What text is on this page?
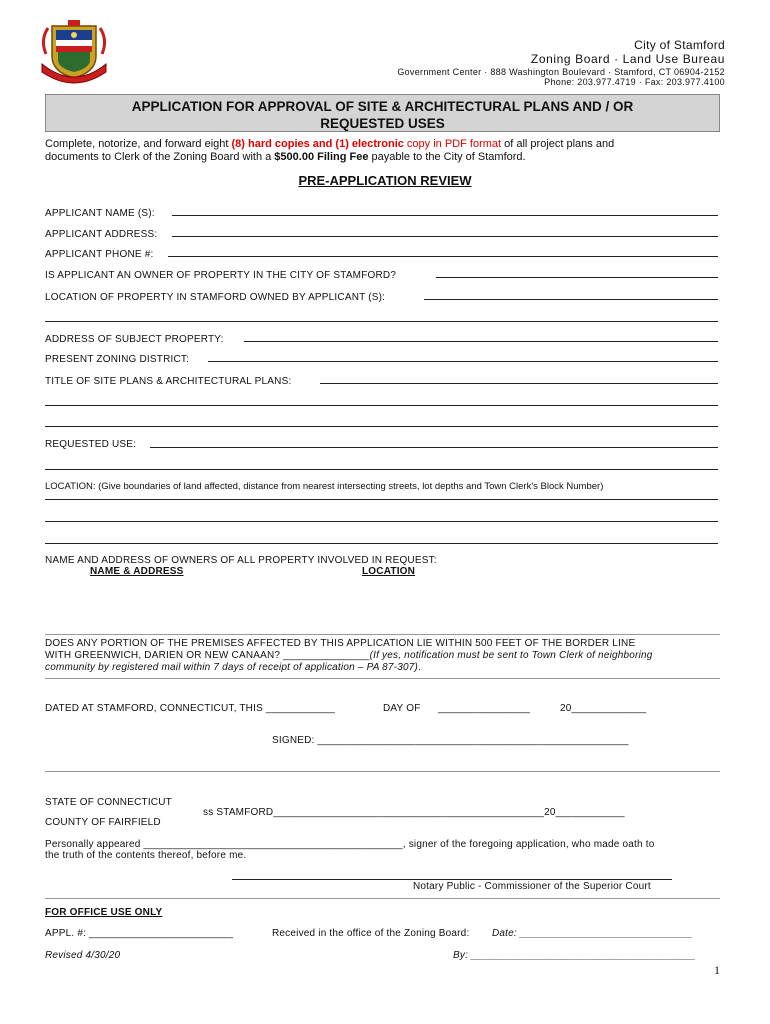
City of Stamford
Zoning Board · Land Use Bureau
Government Center · 888 Washington Boulevard · Stamford, CT 06904-2152
Phone: 203.977.4719 · Fax: 203.977.4100
APPLICATION FOR APPROVAL OF SITE & ARCHITECTURAL PLANS AND / OR
REQUESTED USES
Complete, notorize, and forward eight (8) hard copies and (1) electronic copy in PDF format of all project plans and
documents to Clerk of the Zoning Board with a $500.00 Filing Fee payable to the City of Stamford.
PRE-APPLICATION REVIEW
APPLICANT NAME (S):
APPLICANT ADDRESS:
APPLICANT PHONE #:
IS APPLICANT AN OWNER OF PROPERTY IN THE CITY OF STAMFORD?
LOCATION OF PROPERTY IN STAMFORD OWNED BY APPLICANT (S):
ADDRESS OF SUBJECT PROPERTY:
PRESENT ZONING DISTRICT:
TITLE OF SITE PLANS & ARCHITECTURAL PLANS:
REQUESTED USE:
LOCATION: (Give boundaries of land affected, distance from nearest intersecting streets, lot depths and Town Clerk's Block Number)
NAME AND ADDRESS OF OWNERS OF ALL PROPERTY INVOLVED IN REQUEST:
NAME & ADDRESS	LOCATION
DOES ANY PORTION OF THE PREMISES AFFECTED BY THIS APPLICATION LIE WITHIN 500 FEET OF THE BORDER LINE
WITH GREENWICH, DARIEN OR NEW CANAAN? _______________(If yes, notification must be sent to Town Clerk of neighboring
community by registered mail within 7 days of receipt of application – PA 87-307).
DATED AT STAMFORD, CONNECTICUT, THIS ____________	DAY OF ________________	20_____________
SIGNED: ______________________________________________________
STATE OF CONNECTICUT
ss STAMFORD_______________________________________________20____________
COUNTY OF FAIRFIELD
Personally appeared _____________________________________________, signer of the foregoing application, who made oath to
the truth of the contents thereof, before me.
Notary Public - Commissioner of the Superior Court
FOR OFFICE USE ONLY
APPL. #: _________________________	Received in the office of the Zoning Board: Date: ______________________________
Revised 4/30/20	By: _______________________________________
1
